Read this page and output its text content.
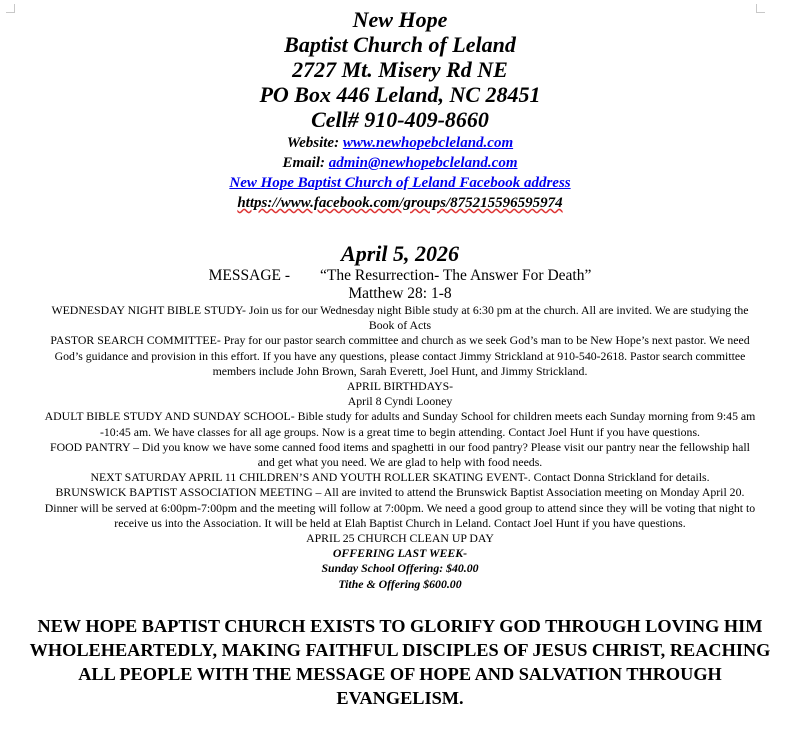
New Hope

Baptist Church of Leland

2727 Mt. Misery Rd NE

PO Box 446 Leland, NC 28451

Cell# 910-409-8660

Website: www.newhopebcleland.com

Email: admin@newhopebcleland.com

New Hope Baptist Church of Leland Facebook address

https://www.facebook.com/groups/875215596595974

April 5, 2026

MESSAGE - “The Resurrection- The Answer For Death”

Matthew 28: 1-8

WEDNESDAY NIGHT BIBLE STUDY- Join us for our Wednesday night Bible study at 6:30 pm at the church. All are invited. We are studying the Book of Acts

PASTOR SEARCH COMMITTEE- Pray for our pastor search committee and church as we seek God’s man to be New Hope’s next pastor. We need God’s guidance and provision in this effort. If you have any questions, please contact Jimmy Strickland at 910-540-2618. Pastor search committee members include John Brown, Sarah Everett, Joel Hunt, and Jimmy Strickland.

APRIL BIRTHDAYS-

April 8 Cyndi Looney

ADULT BIBLE STUDY AND SUNDAY SCHOOL- Bible study for adults and Sunday School for children meets each Sunday morning from 9:45 am -10:45 am. We have classes for all age groups. Now is a great time to begin attending. Contact Joel Hunt if you have questions.

FOOD PANTRY – Did you know we have some canned food items and spaghetti in our food pantry? Please visit our pantry near the fellowship hall and get what you need. We are glad to help with food needs.

NEXT SATURDAY APRIL 11 CHILDREN’S AND YOUTH ROLLER SKATING EVENT-. Contact Donna Strickland for details.

BRUNSWICK BAPTIST ASSOCIATION MEETING – All are invited to attend the Brunswick Baptist Association meeting on Monday April 20. Dinner will be served at 6:00pm-7:00pm and the meeting will follow at 7:00pm. We need a good group to attend since they will be voting that night to receive us into the Association. It will be held at Elah Baptist Church in Leland. Contact Joel Hunt if you have questions.

APRIL 25 CHURCH CLEAN UP DAY

OFFERING LAST WEEK-

Sunday School Offering: $40.00

Tithe & Offering $600.00

NEW HOPE BAPTIST CHURCH EXISTS TO GLORIFY GOD THROUGH LOVING HIM WHOLEHEARTEDLY, MAKING FAITHFUL DISCIPLES OF JESUS CHRIST, REACHING ALL PEOPLE WITH THE MESSAGE OF HOPE AND SALVATION THROUGH EVANGELISM.
